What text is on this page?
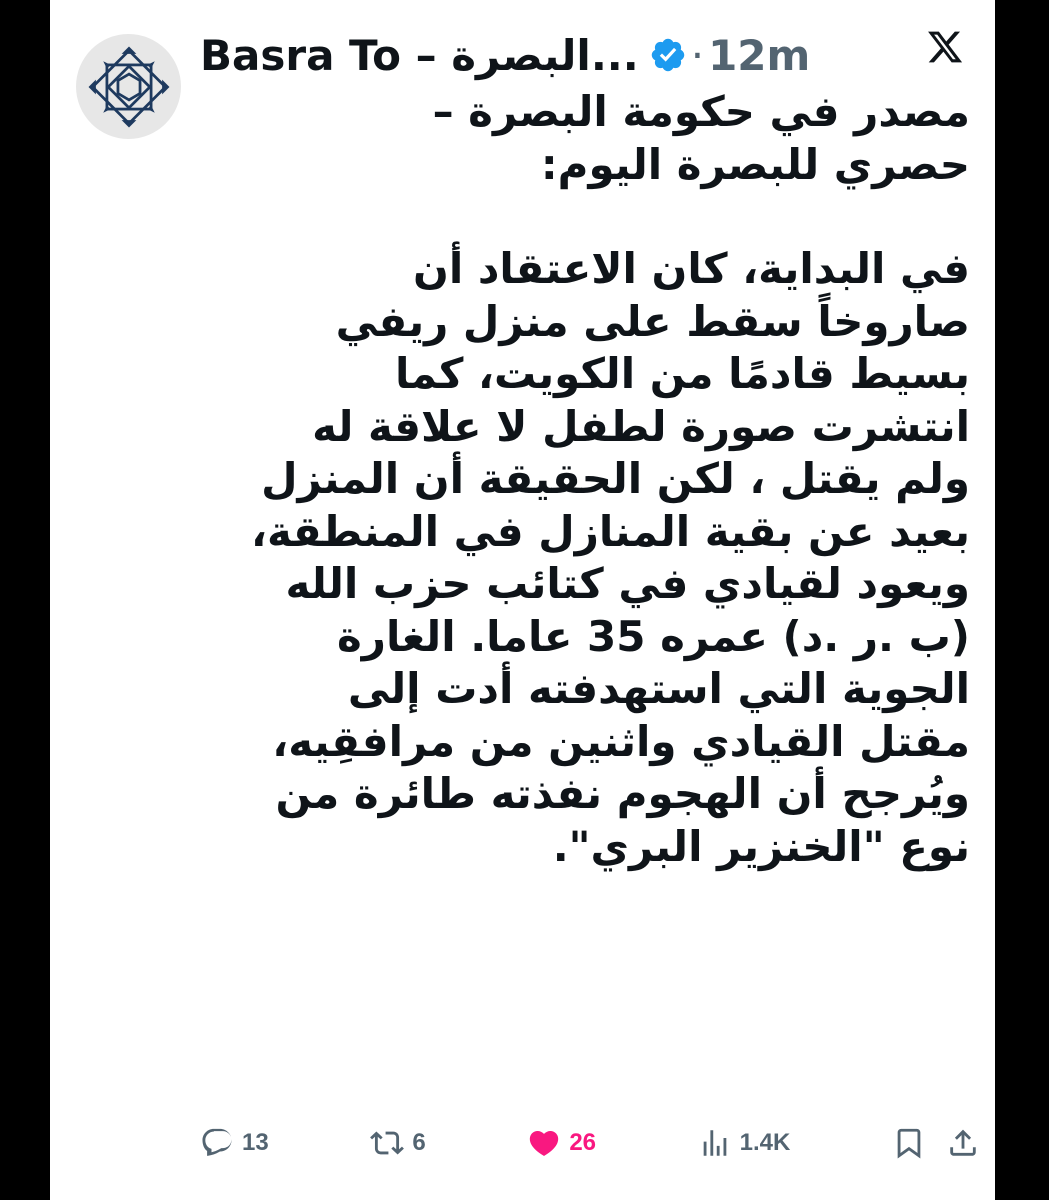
Basra To – البصرة... · 12m

مصدر في حكومة البصرة –
حصري للبصرة اليوم:

في البداية، كان الاعتقاد أن
صاروخاً سقط على منزل ريفي
بسيط قادمًا من الكويت، كما
انتشرت صورة لطفل لا علاقة له
ولم يقتل ، لكن الحقيقة أن المنزل
بعيد عن بقية المنازل في المنطقة،
ويعود لقيادي في كتائب حزب الله
(ب .ر .د) عمره 35 عاما. الغارة
الجوية التي استهدفته أدت إلى
مقتل القيادي واثنين من مرافقِيه،
ويُرجح أن الهجوم نفذته طائرة من
نوع "الخنزير البري".

13	6	26	1.4K
